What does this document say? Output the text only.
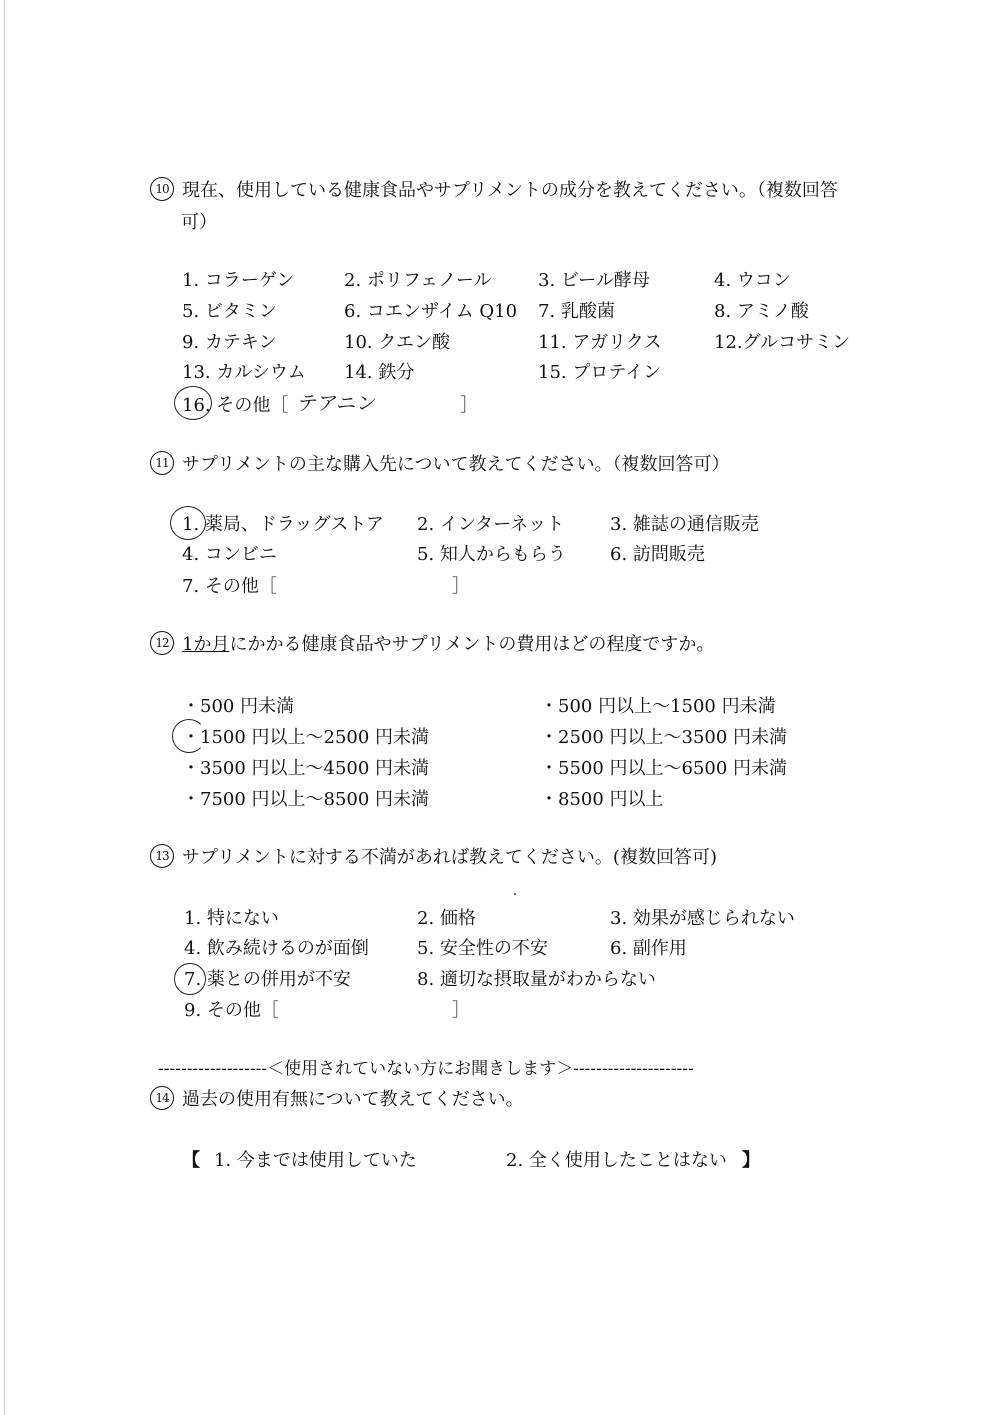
10 現在、使用している健康食品やサプリメントの成分を教えてください。（複数回答
可）
1. コラーゲン	2. ポリフェノール	3. ビール酵母	4. ウコン
5. ビタミン	6. コエンザイム Q10 7. 乳酸菌	8. アミノ酸
9. カテキン	10. クエン酸	11. アガリクス	12.グルコサミン
13. カルシウム 14. 鉄分	15. プロテイン
16. その他［ テアニン	］
11 サプリメントの主な購入先について教えてください。（複数回答可）
1. 薬局、ドラッグストア 2. インターネット	3. 雑誌の通信販売
4. コンビニ	5. 知人からもらう 6. 訪問販売
7. その他［	］
12 1か月にかかる健康食品やサプリメントの費用はどの程度ですか。
・500 円未満	・500 円以上～1500 円未満
・1500 円以上～2500 円未満	・2500 円以上～3500 円未満
・3500 円以上～4500 円未満	・5500 円以上～6500 円未満
・7500 円以上～8500 円未満	・8500 円以上
13 サプリメントに対する不満があれば教えてください。(複数回答可)
1. 特にない	2. 価格	3. 効果が感じられない
4. 飲み続けるのが面倒	5. 安全性の不安	6. 副作用
7. 薬との併用が不安	8. 適切な摂取量がわからない
9. その他［	］
-------------------＜使用されていない方にお聞きします＞---------------------
14 過去の使用有無について教えてください。
【 1. 今までは使用していた	2. 全く使用したことはない 】
